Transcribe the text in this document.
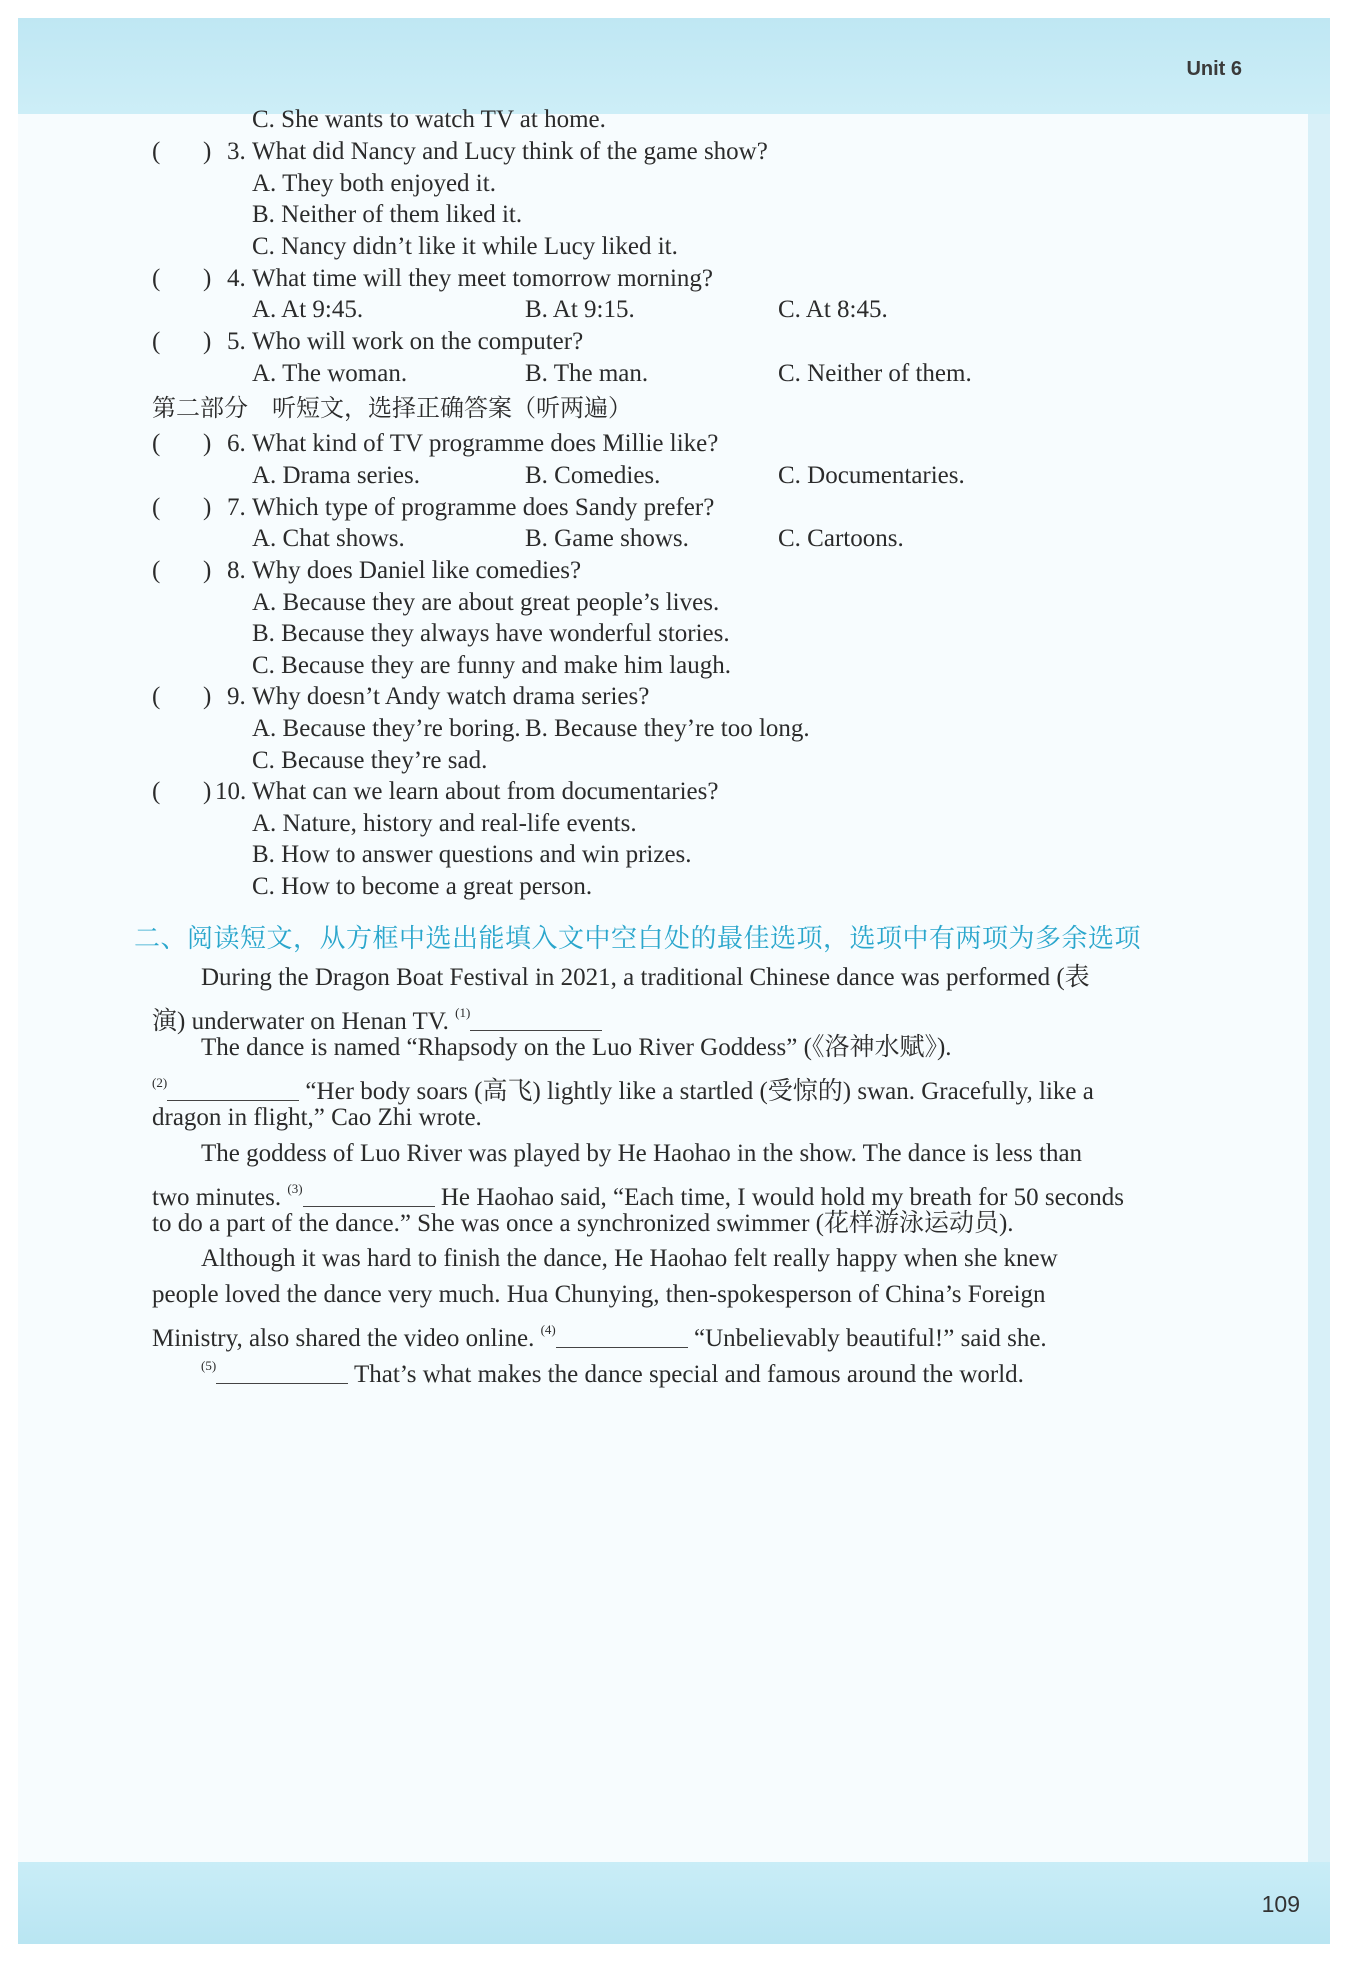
Unit 6
109
C. She wants to watch TV at home.
( ) 3. What did Nancy and Lucy think of the game show?
A. They both enjoyed it.
B. Neither of them liked it.
C. Nancy didn’t like it while Lucy liked it.
( ) 4. What time will they meet tomorrow morning?
A. At 9:45.	B. At 9:15.	C. At 8:45.
( ) 5. Who will work on the computer?
A. The woman.	B. The man.	C. Neither of them.
第二部分　听短文，选择正确答案（听两遍）
( ) 6. What kind of TV programme does Millie like?
A. Drama series.	B. Comedies.	C. Documentaries.
( ) 7. Which type of programme does Sandy prefer?
A. Chat shows.	B. Game shows.	C. Cartoons.
( ) 8. Why does Daniel like comedies?
A. Because they are about great people’s lives.
B. Because they always have wonderful stories.
C. Because they are funny and make him laugh.
( ) 9. Why doesn’t Andy watch drama series?
A. Because they’re boring. B. Because they’re too long.
C. Because they’re sad.
( ) 10. What can we learn about from documentaries?
A. Nature, history and real-life events.
B. How to answer questions and win prizes.
C. How to become a great person.
二、阅读短文，从方框中选出能填入文中空白处的最佳选项，选项中有两项为多余选项
During the Dragon Boat Festival in 2021, a traditional Chinese dance was performed (表
演) underwater on Henan TV. $^{(1)}$
The dance is named “Rhapsody on the Luo River Goddess” (《洛神水赋》).
$^{(2)}$	“Her body soars (高飞) lightly like a startled (受惊的) swan. Gracefully, like a
dragon in flight,” Cao Zhi wrote.
The goddess of Luo River was played by He Haohao in the show. The dance is less than
two minutes. $^{(3)}$	He Haohao said, “Each time, I would hold my breath for 50 seconds
to do a part of the dance.” She was once a synchronized swimmer (花样游泳运动员).
Although it was hard to finish the dance, He Haohao felt really happy when she knew
people loved the dance very much. Hua Chunying, then-spokesperson of China’s Foreign
Ministry, also shared the video online. $^{(4)}$	“Unbelievably beautiful!” said she.
$^{(5)}$	That’s what makes the dance special and famous around the world.
